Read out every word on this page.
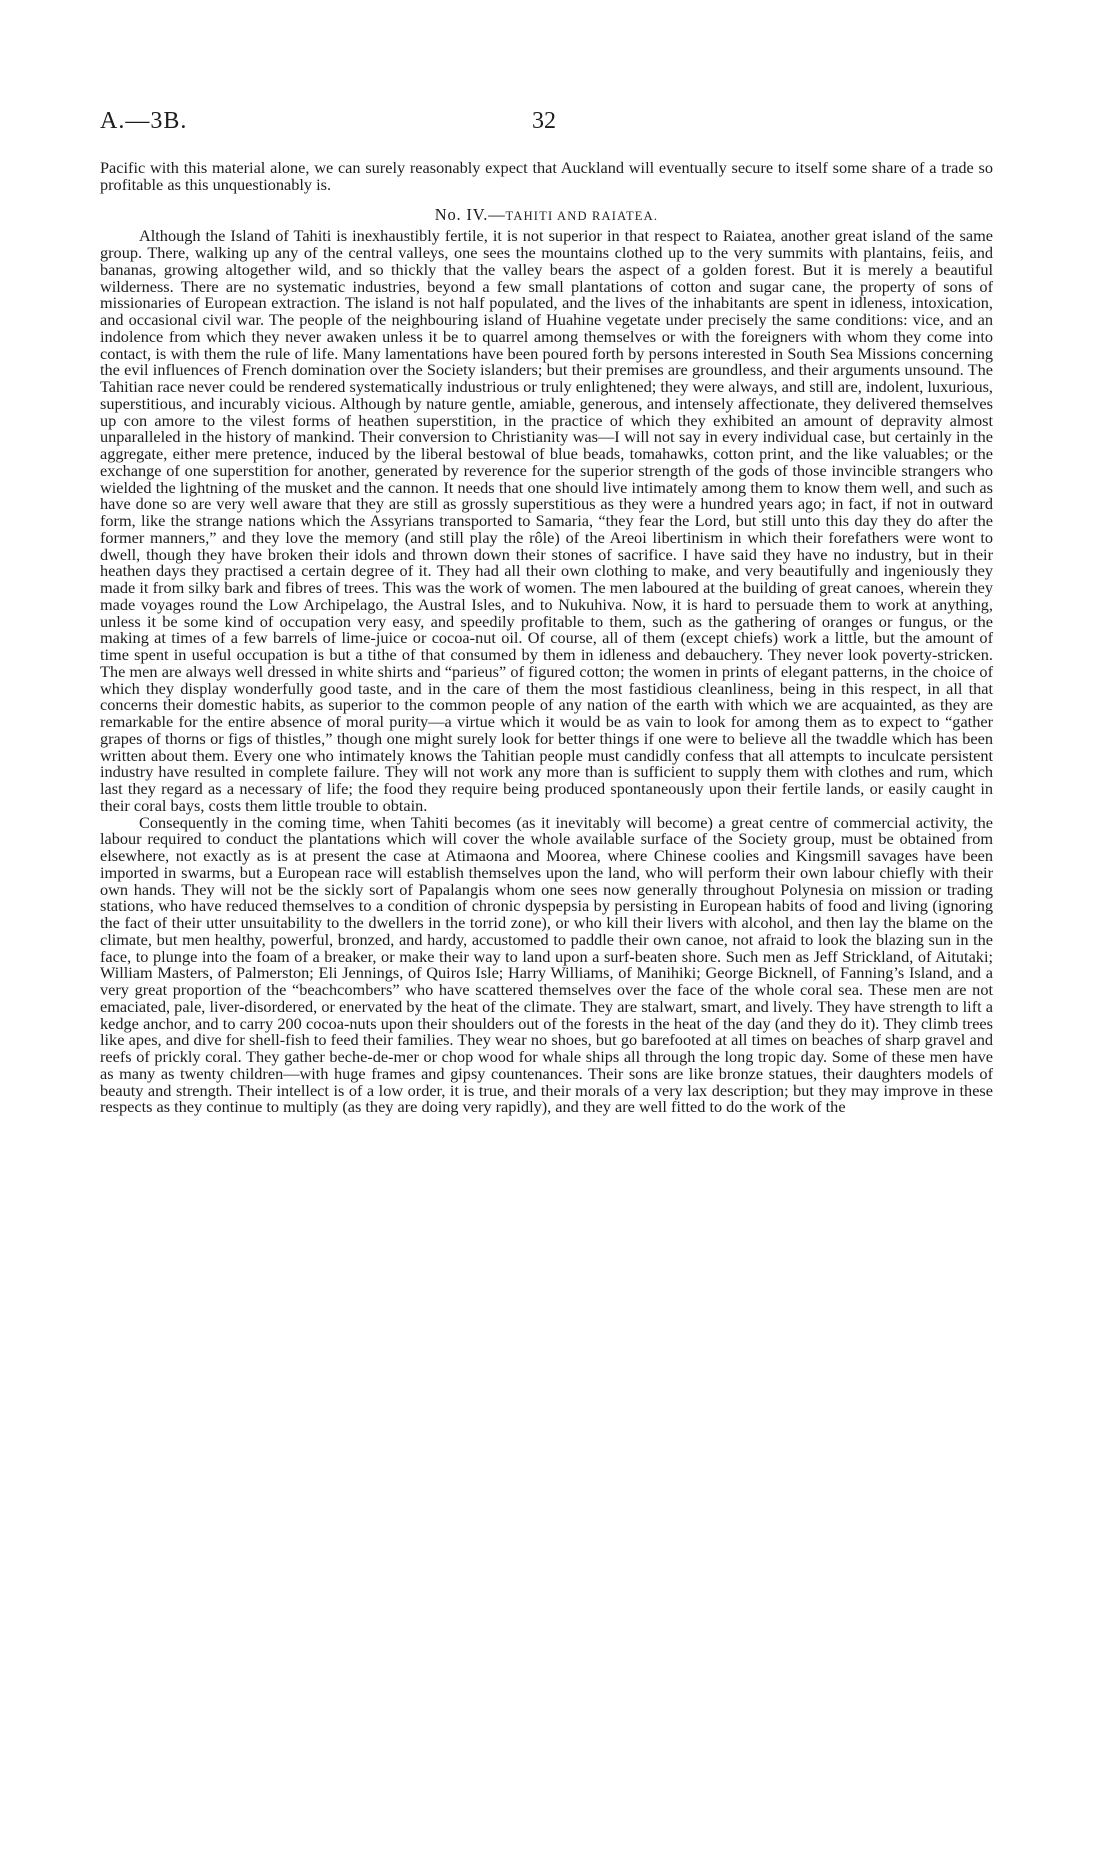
A.—3B.	32

Pacific with this material alone, we can surely reasonably expect that Auckland will eventually secure to itself some share of a trade so profitable as this unquestionably is.

No. IV.—TAHITI AND RAIATEA.

Although the Island of Tahiti is inexhaustibly fertile, it is not superior in that respect to Raiatea, another great island of the same group. There, walking up any of the central valleys, one sees the mountains clothed up to the very summits with plantains, feiis, and bananas, growing altogether wild, and so thickly that the valley bears the aspect of a golden forest. But it is merely a beautiful wilderness. There are no systematic industries, beyond a few small plantations of cotton and sugar cane, the property of sons of missionaries of European extraction. The island is not half populated, and the lives of the inhabitants are spent in idleness, intoxication, and occasional civil war. The people of the neighbouring island of Huahine vegetate under precisely the same conditions: vice, and an indolence from which they never awaken unless it be to quarrel among themselves or with the foreigners with whom they come into contact, is with them the rule of life. Many lamentations have been poured forth by persons interested in South Sea Missions concerning the evil influences of French domination over the Society islanders; but their premises are groundless, and their arguments unsound. The Tahitian race never could be rendered systematically industrious or truly enlightened; they were always, and still are, indolent, luxurious, superstitious, and incurably vicious. Although by nature gentle, amiable, generous, and intensely affectionate, they delivered themselves up con amore to the vilest forms of heathen superstition, in the practice of which they exhibited an amount of depravity almost unparalleled in the history of mankind. Their conversion to Christianity was—I will not say in every individual case, but certainly in the aggregate, either mere pretence, induced by the liberal bestowal of blue beads, tomahawks, cotton print, and the like valuables; or the exchange of one superstition for another, generated by reverence for the superior strength of the gods of those invincible strangers who wielded the lightning of the musket and the cannon. It needs that one should live intimately among them to know them well, and such as have done so are very well aware that they are still as grossly superstitious as they were a hundred years ago; in fact, if not in outward form, like the strange nations which the Assyrians transported to Samaria, “they fear the Lord, but still unto this day they do after the former manners,” and they love the memory (and still play the rôle) of the Areoi libertinism in which their forefathers were wont to dwell, though they have broken their idols and thrown down their stones of sacrifice. I have said they have no industry, but in their heathen days they practised a certain degree of it. They had all their own clothing to make, and very beautifully and ingeniously they made it from silky bark and fibres of trees. This was the work of women. The men laboured at the building of great canoes, wherein they made voyages round the Low Archipelago, the Austral Isles, and to Nukuhiva. Now, it is hard to persuade them to work at anything, unless it be some kind of occupation very easy, and speedily profitable to them, such as the gathering of oranges or fungus, or the making at times of a few barrels of lime-juice or cocoa-nut oil. Of course, all of them (except chiefs) work a little, but the amount of time spent in useful occupation is but a tithe of that consumed by them in idleness and debauchery. They never look poverty-stricken. The men are always well dressed in white shirts and “parieus” of figured cotton; the women in prints of elegant patterns, in the choice of which they display wonderfully good taste, and in the care of them the most fastidious cleanliness, being in this respect, in all that concerns their domestic habits, as superior to the common people of any nation of the earth with which we are acquainted, as they are remarkable for the entire absence of moral purity—a virtue which it would be as vain to look for among them as to expect to “gather grapes of thorns or figs of thistles,” though one might surely look for better things if one were to believe all the twaddle which has been written about them. Every one who intimately knows the Tahitian people must candidly confess that all attempts to inculcate persistent industry have resulted in complete failure. They will not work any more than is sufficient to supply them with clothes and rum, which last they regard as a necessary of life; the food they require being produced spontaneously upon their fertile lands, or easily caught in their coral bays, costs them little trouble to obtain.

Consequently in the coming time, when Tahiti becomes (as it inevitably will become) a great centre of commercial activity, the labour required to conduct the plantations which will cover the whole available surface of the Society group, must be obtained from elsewhere, not exactly as is at present the case at Atimaona and Moorea, where Chinese coolies and Kingsmill savages have been imported in swarms, but a European race will establish themselves upon the land, who will perform their own labour chiefly with their own hands. They will not be the sickly sort of Papalangis whom one sees now generally throughout Polynesia on mission or trading stations, who have reduced themselves to a condition of chronic dyspepsia by persisting in European habits of food and living (ignoring the fact of their utter unsuitability to the dwellers in the torrid zone), or who kill their livers with alcohol, and then lay the blame on the climate, but men healthy, powerful, bronzed, and hardy, accustomed to paddle their own canoe, not afraid to look the blazing sun in the face, to plunge into the foam of a breaker, or make their way to land upon a surf-beaten shore. Such men as Jeff Strickland, of Aitutaki; William Masters, of Palmerston; Eli Jennings, of Quiros Isle; Harry Williams, of Manihiki; George Bicknell, of Fanning’s Island, and a very great proportion of the “beachcombers” who have scattered themselves over the face of the whole coral sea. These men are not emaciated, pale, liver-disordered, or enervated by the heat of the climate. They are stalwart, smart, and lively. They have strength to lift a kedge anchor, and to carry 200 cocoa-nuts upon their shoulders out of the forests in the heat of the day (and they do it). They climb trees like apes, and dive for shell-fish to feed their families. They wear no shoes, but go barefooted at all times on beaches of sharp gravel and reefs of prickly coral. They gather beche-de-mer or chop wood for whale ships all through the long tropic day. Some of these men have as many as twenty children—with huge frames and gipsy countenances. Their sons are like bronze statues, their daughters models of beauty and strength. Their intellect is of a low order, it is true, and their morals of a very lax description; but they may improve in these respects as they continue to multiply (as they are doing very rapidly), and they are well fitted to do the work of the
